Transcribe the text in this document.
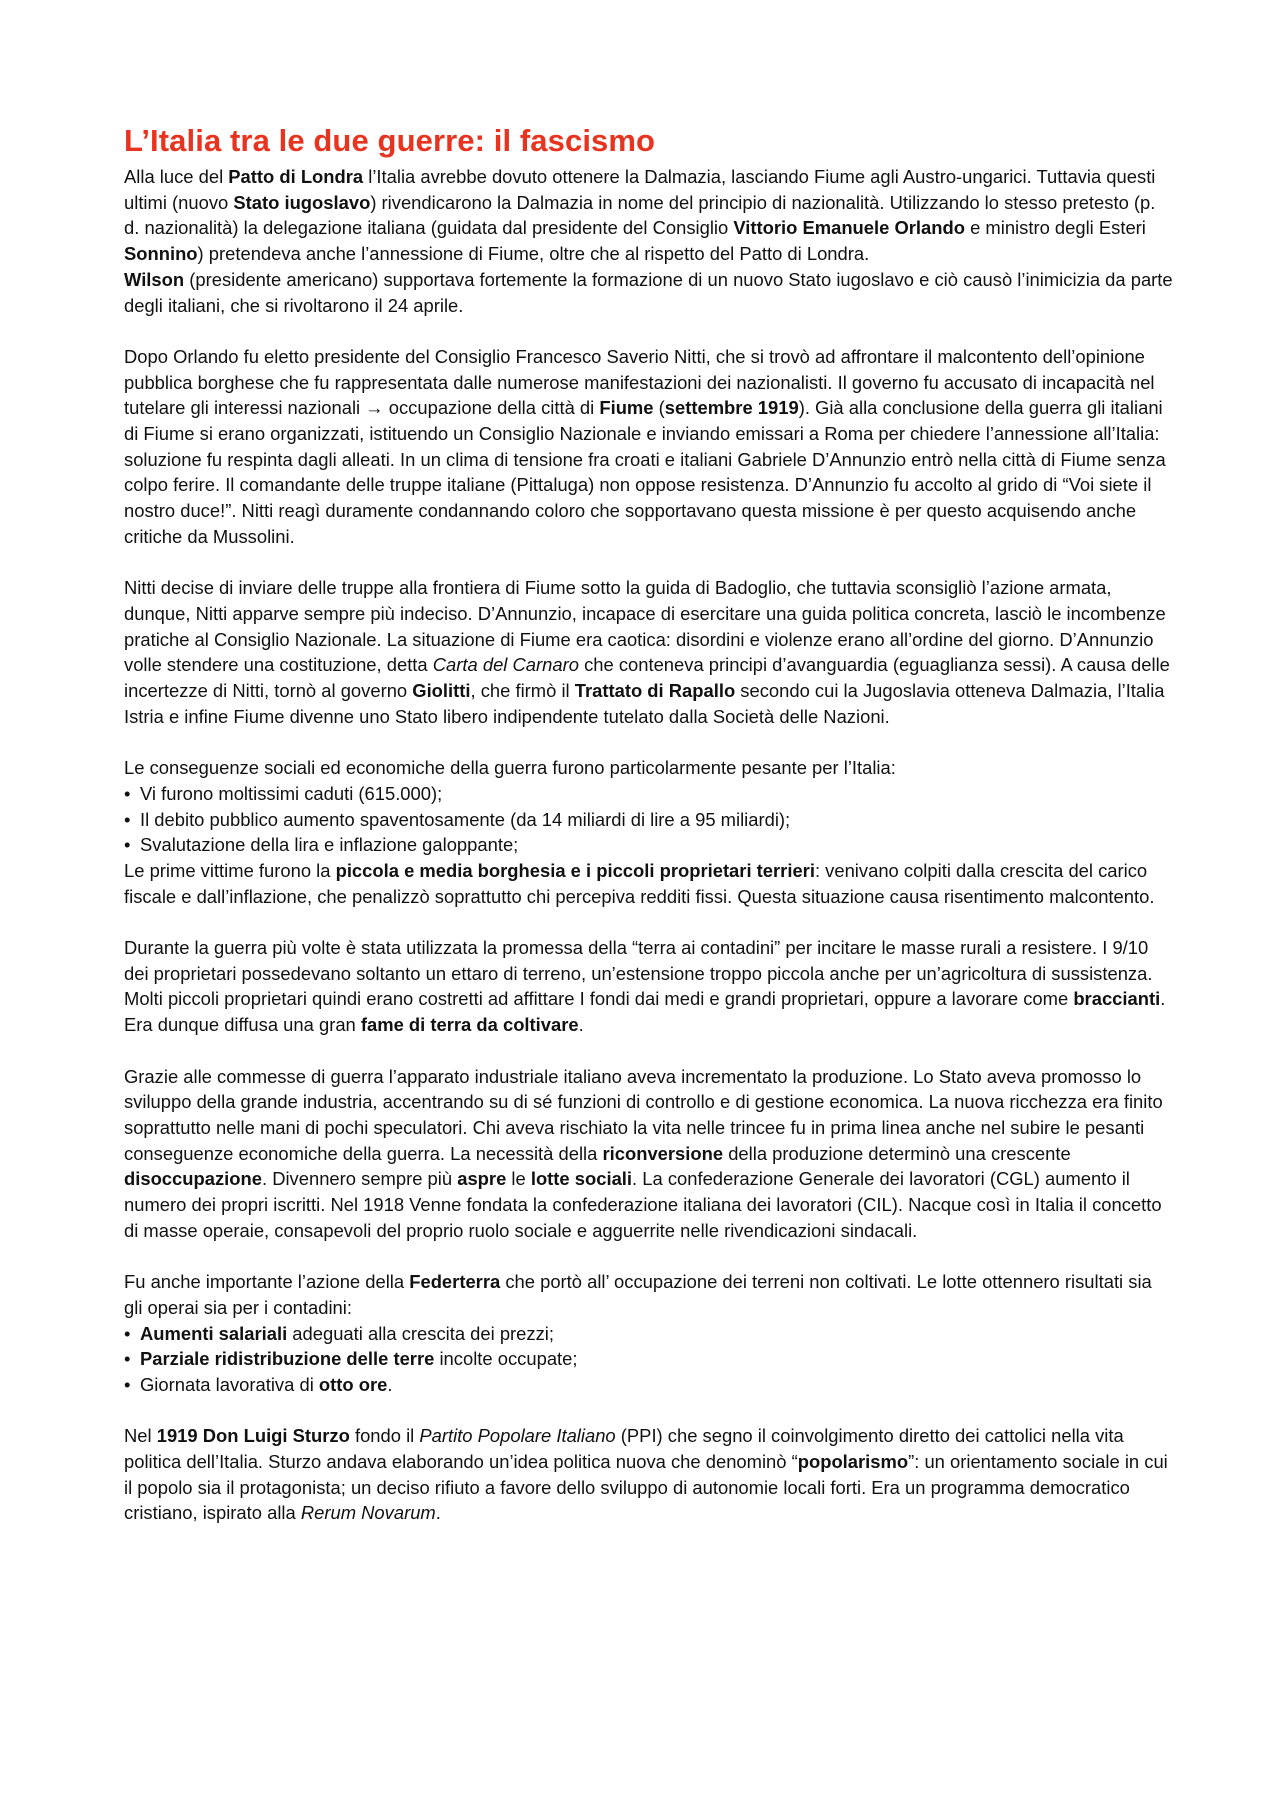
L’Italia tra le due guerre: il fascismo

Alla luce del Patto di Londra l’Italia avrebbe dovuto ottenere la Dalmazia, lasciando Fiume agli Austro-ungarici. Tuttavia questi ultimi (nuovo Stato iugoslavo) rivendicarono la Dalmazia in nome del principio di nazionalità. Utilizzando lo stesso pretesto (p. d. nazionalità) la delegazione italiana (guidata dal presidente del Consiglio Vittorio Emanuele Orlando e ministro degli Esteri Sonnino) pretendeva anche l’annessione di Fiume, oltre che al rispetto del Patto di Londra.

Wilson (presidente americano) supportava fortemente la formazione di un nuovo Stato iugoslavo e ciò causò l’inimicizia da parte degli italiani, che si rivoltarono il 24 aprile.

Dopo Orlando fu eletto presidente del Consiglio Francesco Saverio Nitti, che si trovò ad affrontare il malcontento dell’opinione pubblica borghese che fu rappresentata dalle numerose manifestazioni dei nazionalisti. Il governo fu accusato di incapacità nel tutelare gli interessi nazionali → occupazione della città di Fiume (settembre 1919). Già alla conclusione della guerra gli italiani di Fiume si erano organizzati, istituendo un Consiglio Nazionale e inviando emissari a Roma per chiedere l’annessione all’Italia: soluzione fu respinta dagli alleati. In un clima di tensione fra croati e italiani Gabriele D’Annunzio entrò nella città di Fiume senza colpo ferire. Il comandante delle truppe italiane (Pittaluga) non oppose resistenza. D’Annunzio fu accolto al grido di “Voi siete il nostro duce!”. Nitti reagì duramente condannando coloro che sopportavano questa missione è per questo acquisendo anche critiche da Mussolini.

Nitti decise di inviare delle truppe alla frontiera di Fiume sotto la guida di Badoglio, che tuttavia sconsigliò l’azione armata, dunque, Nitti apparve sempre più indeciso. D’Annunzio, incapace di esercitare una guida politica concreta, lasciò le incombenze pratiche al Consiglio Nazionale. La situazione di Fiume era caotica: disordini e violenze erano all’ordine del giorno. D’Annunzio volle stendere una costituzione, detta Carta del Carnaro che conteneva principi d’avanguardia (eguaglianza sessi). A causa delle incertezze di Nitti, tornò al governo Giolitti, che firmò il Trattato di Rapallo secondo cui la Jugoslavia otteneva Dalmazia, l’Italia Istria e infine Fiume divenne uno Stato libero indipendente tutelato dalla Società delle Nazioni.

Le conseguenze sociali ed economiche della guerra furono particolarmente pesante per l’Italia:

• Vi furono moltissimi caduti (615.000);
• Il debito pubblico aumento spaventosamente (da 14 miliardi di lire a 95 miliardi);
• Svalutazione della lira e inflazione galoppante;

Le prime vittime furono la piccola e media borghesia e i piccoli proprietari terrieri: venivano colpiti dalla crescita del carico fiscale e dall’inflazione, che penalizzò soprattutto chi percepiva redditi fissi. Questa situazione causa risentimento malcontento.

Durante la guerra più volte è stata utilizzata la promessa della “terra ai contadini” per incitare le masse rurali a resistere. I 9/10 dei proprietari possedevano soltanto un ettaro di terreno, un’estensione troppo piccola anche per un’agricoltura di sussistenza. Molti piccoli proprietari quindi erano costretti ad affittare I fondi dai medi e grandi proprietari, oppure a lavorare come braccianti. Era dunque diffusa una gran fame di terra da coltivare.

Grazie alle commesse di guerra l’apparato industriale italiano aveva incrementato la produzione. Lo Stato aveva promosso lo sviluppo della grande industria, accentrando su di sé funzioni di controllo e di gestione economica. La nuova ricchezza era finito soprattutto nelle mani di pochi speculatori. Chi aveva rischiato la vita nelle trincee fu in prima linea anche nel subire le pesanti conseguenze economiche della guerra. La necessità della riconversione della produzione determinò una crescente disoccupazione. Divennero sempre più aspre le lotte sociali. La confederazione Generale dei lavoratori (CGL) aumento il numero dei propri iscritti. Nel 1918 Venne fondata la confederazione italiana dei lavoratori (CIL). Nacque così in Italia il concetto di masse operaie, consapevoli del proprio ruolo sociale e agguerrite nelle rivendicazioni sindacali.

Fu anche importante l’azione della Federterra che portò all’ occupazione dei terreni non coltivati. Le lotte ottennero risultati sia gli operai sia per i contadini:

• Aumenti salariali adeguati alla crescita dei prezzi;
• Parziale ridistribuzione delle terre incolte occupate;
• Giornata lavorativa di otto ore.

Nel 1919 Don Luigi Sturzo fondo il Partito Popolare Italiano (PPI) che segno il coinvolgimento diretto dei cattolici nella vita politica dell’Italia. Sturzo andava elaborando un’idea politica nuova che denominò “popolarismo”: un orientamento sociale in cui il popolo sia il protagonista; un deciso rifiuto a favore dello sviluppo di autonomie locali forti. Era un programma democratico cristiano, ispirato alla Rerum Novarum.
